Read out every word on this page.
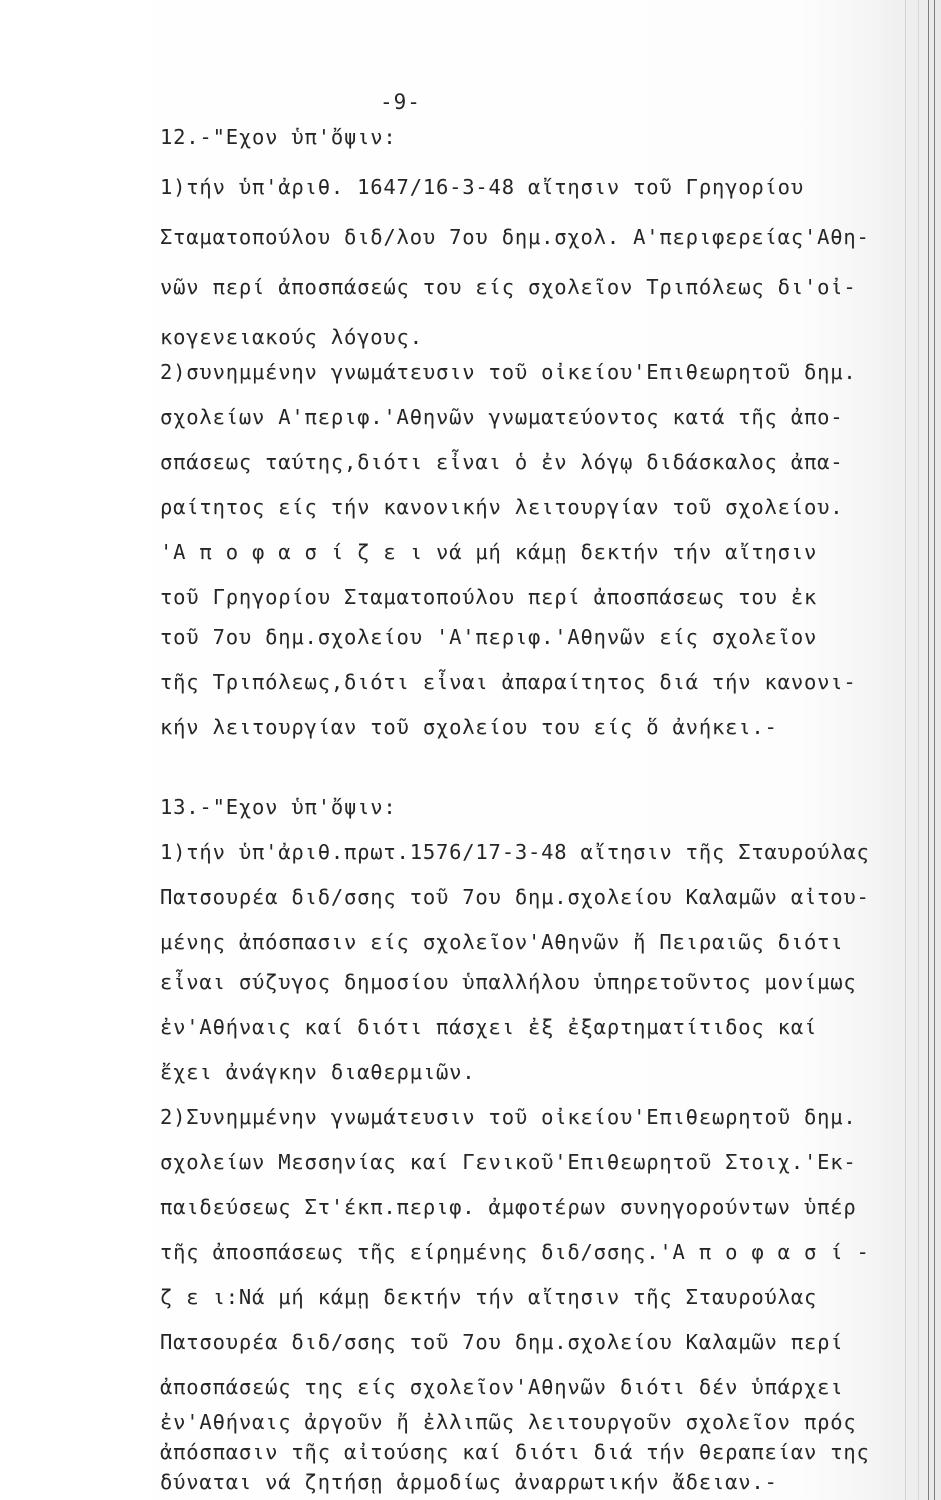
-9-
12.-"Εχον ὑπ'ὄψιν:
1)τήν ὑπ'ἀριθ. 1647/16-3-48 αἴτησιν τοῦ Γρηγορίου
Σταματοπούλου διδ/λου 7ου δημ.σχολ. Α'περιφερείας'Αθη-
νῶν περί ἀποσπάσεώς του είς σχολεῖον Τριπόλεως δι'οἰ-
κογενειακούς λόγους.
2)συνημμένην γνωμάτευσιν τοῦ οἰκείου'Επιθεωρητοῦ δημ.
σχολείων Α'περιφ.'Αθηνῶν γνωματεύοντος κατά τῆς ἀπο-
σπάσεως ταύτης,διότι εἶναι ὁ ἐν λόγῳ διδάσκαλος ἀπα-
ραίτητος είς τήν κανονικήν λειτουργίαν τοῦ σχολείου.
'Α π ο φ α σ ί ζ ε ι νά μή κάμῃ δεκτήν τήν αἴτησιν
τοῦ Γρηγορίου Σταματοπούλου περί ἀποσπάσεως του ἐκ
τοῦ 7ου δημ.σχολείου 'Α'περιφ.'Αθηνῶν είς σχολεῖον
τῆς Τριπόλεως,διότι εἶναι ἀπαραίτητος διά τήν κανονι-
κήν λειτουργίαν τοῦ σχολείου του είς ὅ ἀνήκει.-
13.-"Εχον ὑπ'ὄψιν:
1)τήν ὑπ'ἀριθ.πρωτ.1576/17-3-48 αἴτησιν τῆς Σταυρούλας
Πατσουρέα διδ/σσης τοῦ 7ου δημ.σχολείου Καλαμῶν αἰτου-
μένης ἀπόσπασιν είς σχολεῖον'Αθηνῶν ἤ Πειραιῶς διότι
εἶναι σύζυγος δημοσίου ὑπαλλήλου ὑπηρετοῦντος μονίμως
ἐν'Αθήναις καί διότι πάσχει ἐξ ἐξαρτηματίτιδος καί
ἔχει ἀνάγκην διαθερμιῶν.
2)Συνημμένην γνωμάτευσιν τοῦ οἰκείου'Επιθεωρητοῦ δημ.
σχολείων Μεσσηνίας καί Γενικοῦ'Επιθεωρητοῦ Στοιχ.'Εκ-
παιδεύσεως Στ'έκπ.περιφ. ἀμφοτέρων συνηγορούντων ὑπέρ
τῆς ἀποσπάσεως τῆς είρημένης διδ/σσης.'Α π ο φ α σ ί -
ζ ε ι:Νά μή κάμῃ δεκτήν τήν αἴτησιν τῆς Σταυρούλας
Πατσουρέα διδ/σσης τοῦ 7ου δημ.σχολείου Καλαμῶν περί
ἀποσπάσεώς της είς σχολεῖον'Αθηνῶν διότι δέν ὑπάρχει
ἐν'Αθήναις ἀργοῦν ἤ ἐλλιπῶς λειτουργοῦν σχολεῖον πρός
ἀπόσπασιν τῆς αἰτούσης καί διότι διά τήν θεραπείαν της
δύναται νά ζητήσῃ ἁρμοδίως ἀναρρωτικήν ἄδειαν.-
